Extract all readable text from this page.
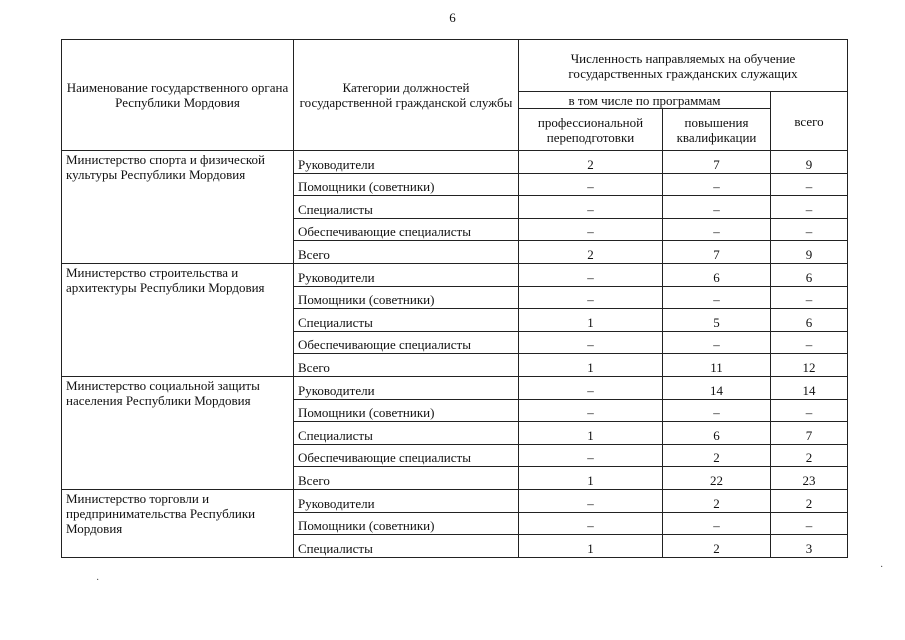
6
Наименование государственного органа Республики Мордовия	Категории должностей государственной гражданской службы	Численность направляемых на обучение государственных гражданских служащих		
		в том числе по программам		всего
		профессиональной переподготовки	повышения квалификации	
Министерство спорта и физической культуры Республики Мордовия	Руководители	2	7	9
	Помощники (советники)	–	–	–
	Специалисты	–	–	–
	Обеспечивающие специалисты	–	–	–
	Всего	2	7	9
Министерство строительства и архитектуры Республики Мордовия	Руководители	–	6	6
	Помощники (советники)	–	–	–
	Специалисты	1	5	6
	Обеспечивающие специалисты	–	–	–
	Всего	1	11	12
Министерство социальной защиты населения Республики Мордовия	Руководители	–	14	14
	Помощники (советники)	–	–	–
	Специалисты	1	6	7
	Обеспечивающие специалисты	–	2	2
	Всего	1	22	23
Министерство торговли и предпринимательства Республики Мордовия	Руководители	–	2	2
	Помощники (советники)	–	–	–
	Специалисты	1	2	3
·
·
